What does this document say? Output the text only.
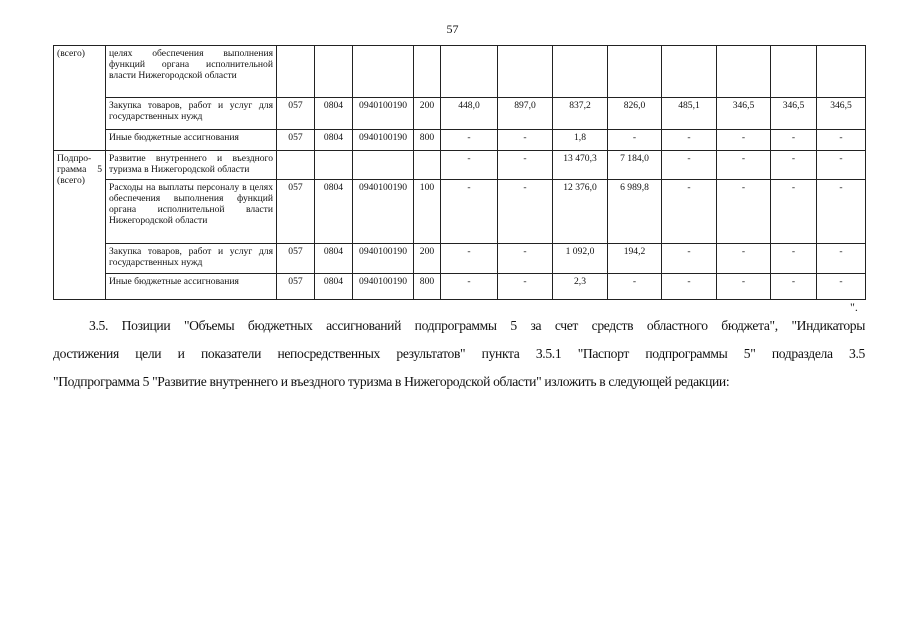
57
(всего)	целях обеспечения выполнения функций органа исполнительной власти Нижегородской области												
	Закупка товаров, работ и услуг для государственных нужд	057	0804	0940100190	200	448,0	897,0	837,2	826,0	485,1	346,5	346,5	346,5
	Иные бюджетные ассигнования	057	0804	0940100190	800	-	-	1,8	-	-	-	-	-
Подпро-грамма 5 (всего)	Развитие внутреннего и въездного туризма в Нижегородской области					-	-	13 470,3	7 184,0	-	-	-	-
	Расходы на выплаты персоналу в целях обеспечения выполнения функций органа исполнительной власти Нижегородской области	057	0804	0940100190	100	-	-	12 376,0	6 989,8	-	-	-	-
	Закупка товаров, работ и услуг для государственных нужд	057	0804	0940100190	200	-	-	1 092,0	194,2	-	-	-	-
	Иные бюджетные ассигнования	057	0804	0940100190	800	-	-	2,3	-	-	-	-	-
".
3.5. Позиции "Объемы бюджетных ассигнований подпрограммы 5 за счет средств областного бюджета", "Индикаторы
достижения цели и показатели непосредственных результатов" пункта 3.5.1 "Паспорт подпрограммы 5" подраздела 3.5
"Подпрограмма 5 "Развитие внутреннего и въездного туризма в Нижегородской области" изложить в следующей редакции:
